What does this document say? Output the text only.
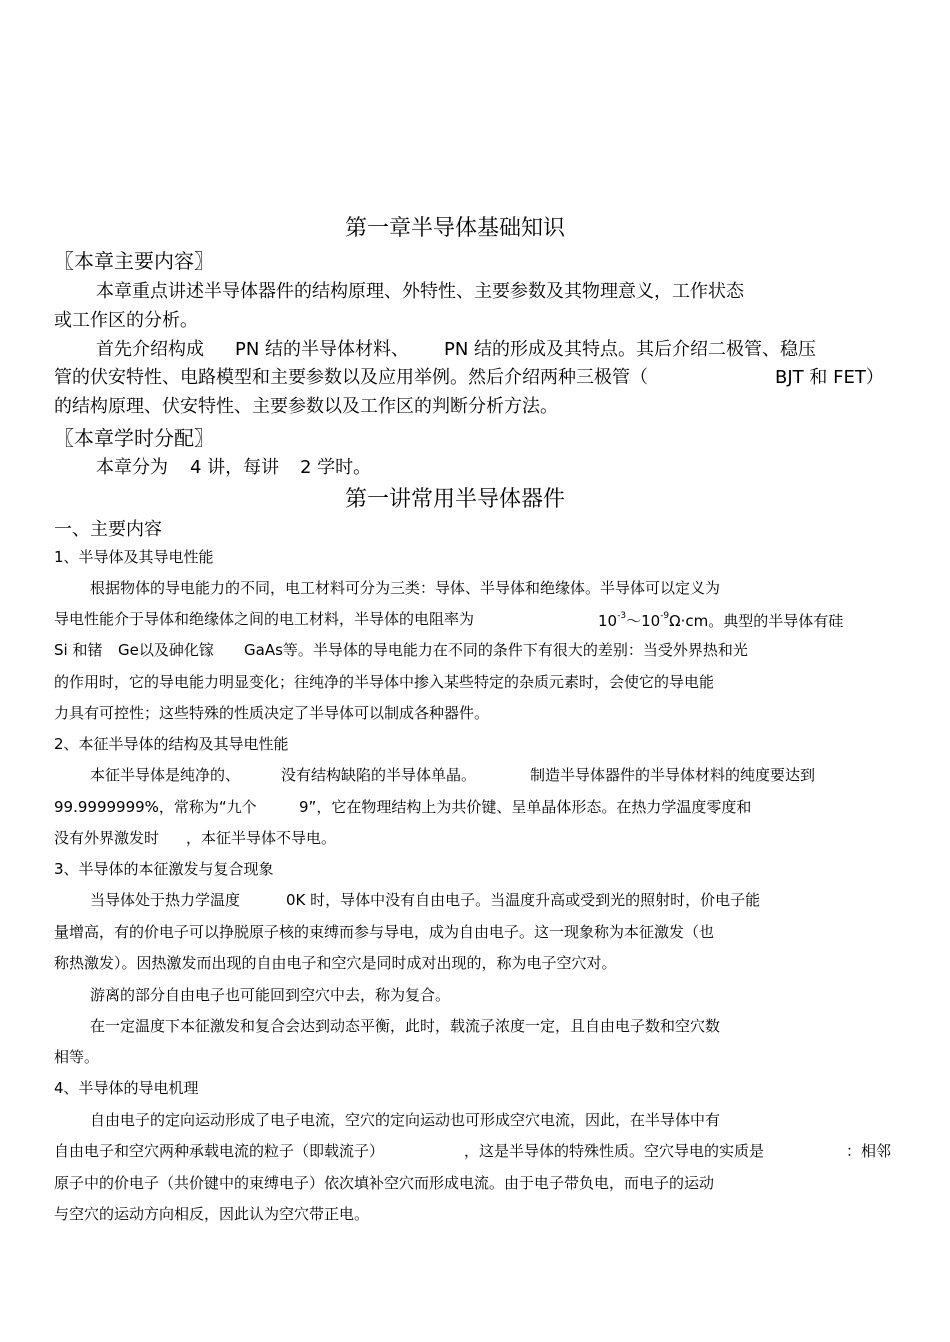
第一章半导体基础知识
〖本章主要内容〗
本章重点讲述半导体器件的结构原理、外特性、主要参数及其物理意义，工作状态
或工作区的分析。
首先介绍构成 PN 结的半导体材料、 PN 结的形成及其特点。其后介绍二极管、稳压
管的伏安特性、电路模型和主要参数以及应用举例。然后介绍两种三极管（	BJT 和 FET）
的结构原理、伏安特性、主要参数以及工作区的判断分析方法。
〖本章学时分配〗
本章分为 4 讲，每讲 2 学时。
第一讲常用半导体器件
一、主要内容
1、半导体及其导电性能
根据物体的导电能力的不同，电工材料可分为三类：导体、半导体和绝缘体。半导体可以定义为
导电性能介于导体和绝缘体之间的电工材料，半导体的电阻率为	$10^{-3}\sim 10^{-9}\Omega\cdot cm$。典型的半导体有硅
Si 和锗 Ge以及砷化镓 GaAs等。半导体的导电能力在不同的条件下有很大的差别：当受外界热和光
的作用时，它的导电能力明显变化；往纯净的半导体中掺入某些特定的杂质元素时，会使它的导电能
力具有可控性；这些特殊的性质决定了半导体可以制成各种器件。
2、本征半导体的结构及其导电性能
本征半导体是纯净的、	没有结构缺陷的半导体单晶。	制造半导体器件的半导体材料的纯度要达到
99.9999999%，常称为“九个	9”，它在物理结构上为共价键、呈单晶体形态。在热力学温度零度和
没有外界激发时 ，本征半导体不导电。
3、半导体的本征激发与复合现象
当导体处于热力学温度	0K 时，导体中没有自由电子。当温度升高或受到光的照射时，价电子能
量增高，有的价电子可以挣脱原子核的束缚而参与导电，成为自由电子。这一现象称为本征激发（也
称热激发）。因热激发而出现的自由电子和空穴是同时成对出现的，称为电子空穴对。
游离的部分自由电子也可能回到空穴中去，称为复合。
在一定温度下本征激发和复合会达到动态平衡，此时，载流子浓度一定，且自由电子数和空穴数
相等。
4、半导体的导电机理
自由电子的定向运动形成了电子电流，空穴的定向运动也可形成空穴电流，因此，在半导体中有
自由电子和空穴两种承载电流的粒子（即载流子）	，这是半导体的特殊性质。空穴导电的实质是	：相邻
原子中的价电子（共价键中的束缚电子）依次填补空穴而形成电流。由于电子带负电，而电子的运动
与空穴的运动方向相反，因此认为空穴带正电。
